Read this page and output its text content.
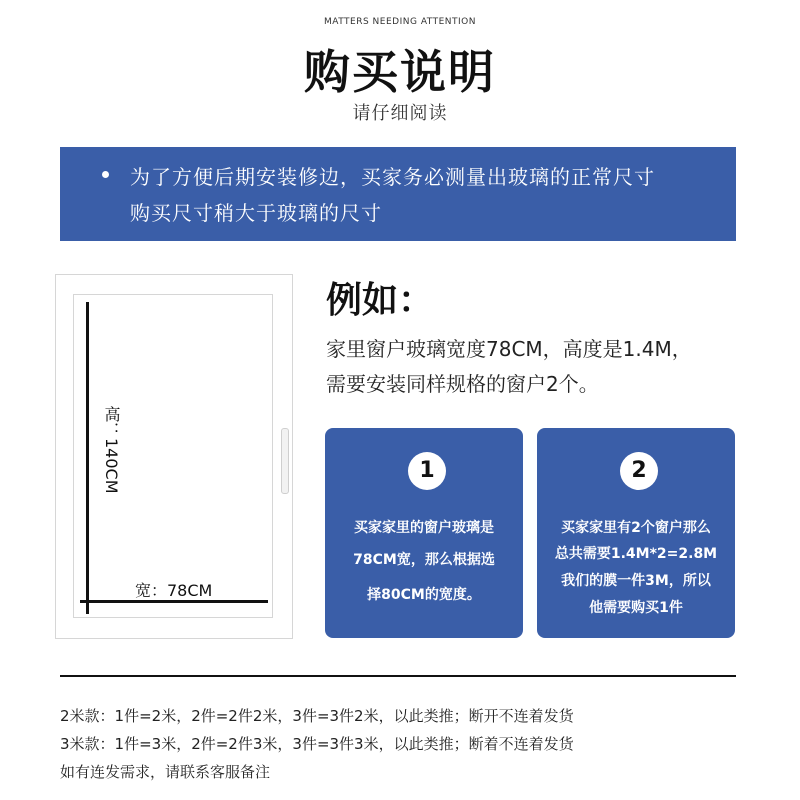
MATTERS NEEDING ATTENTION
购买说明
请仔细阅读
为了方便后期安装修边，买家务必测量出玻璃的正常尺寸
购买尺寸稍大于玻璃的尺寸
高：140CM
宽：78CM
例如：
家里窗户玻璃宽度78CM，高度是1.4M，
需要安装同样规格的窗户2个。
1
买家家里的窗户玻璃是
78CM宽，那么根据选
择80CM的宽度。
2
买家家里有2个窗户那么
总共需要1.4M*2=2.8M
我们的膜一件3M，所以
他需要购买1件
2米款：1件=2米，2件=2件2米，3件=3件2米，以此类推；断开不连着发货
3米款：1件=3米，2件=2件3米，3件=3件3米，以此类推；断着不连着发货
如有连发需求，请联系客服备注
